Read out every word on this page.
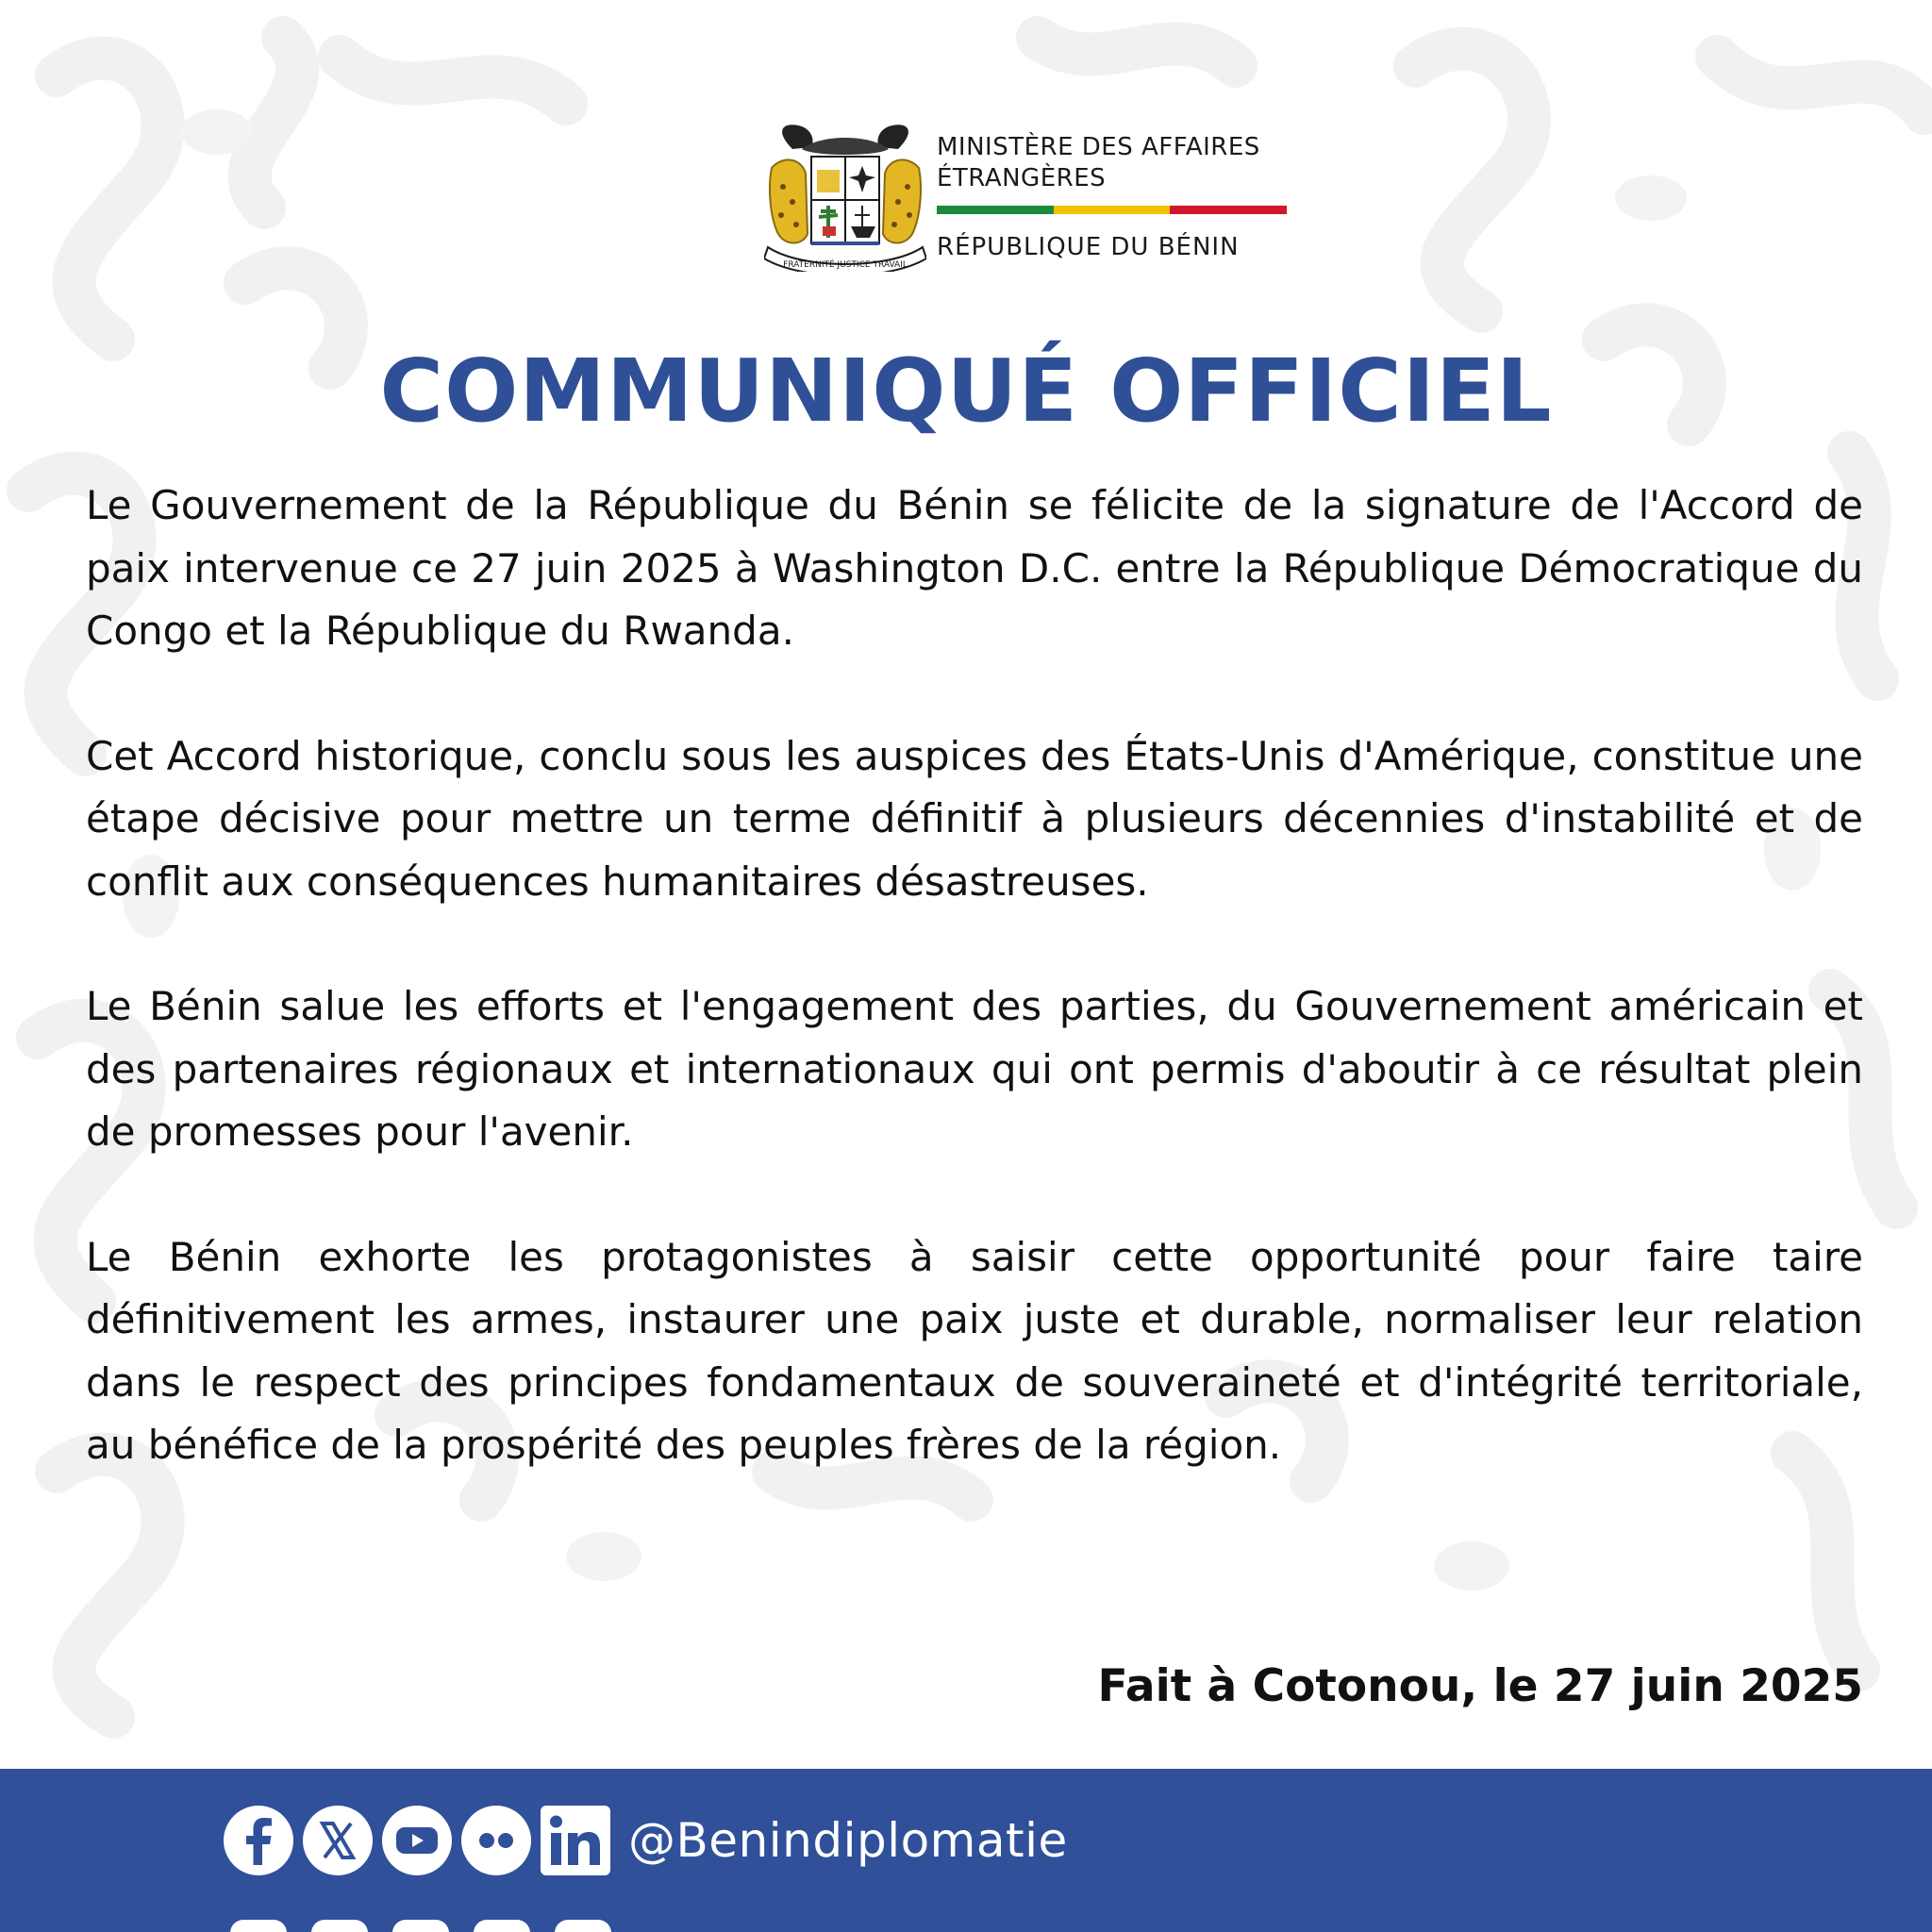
FRATERNITÉ JUSTICE TRAVAIL
MINISTÈRE DES AFFAIRES
ÉTRANGÈRES
RÉPUBLIQUE DU BÉNIN
COMMUNIQUÉ OFFICIEL

Le Gouvernement de la République du Bénin se félicite de la signature de l'Accord de paix intervenue ce 27 juin 2025 à Washington D.C. entre la République Démocratique du Congo et la République du Rwanda.

Cet Accord historique, conclu sous les auspices des États-Unis d'Amérique, constitue une étape décisive pour mettre un terme définitif à plusieurs décennies d'instabilité et de conflit aux conséquences humanitaires désastreuses.

Le Bénin salue les efforts et l'engagement des parties, du Gouvernement américain et des partenaires régionaux et internationaux qui ont permis d'aboutir à ce résultat plein de promesses pour l'avenir.

Le Bénin exhorte les protagonistes à saisir cette opportunité pour faire taire définitivement les armes, instaurer une paix juste et durable, normaliser leur relation dans le respect des principes fondamentaux de souveraineté et d'intégrité territoriale, au bénéfice de la prospérité des peuples frères de la région.

Fait à Cotonou, le 27 juin 2025
@Benindiplomatie
